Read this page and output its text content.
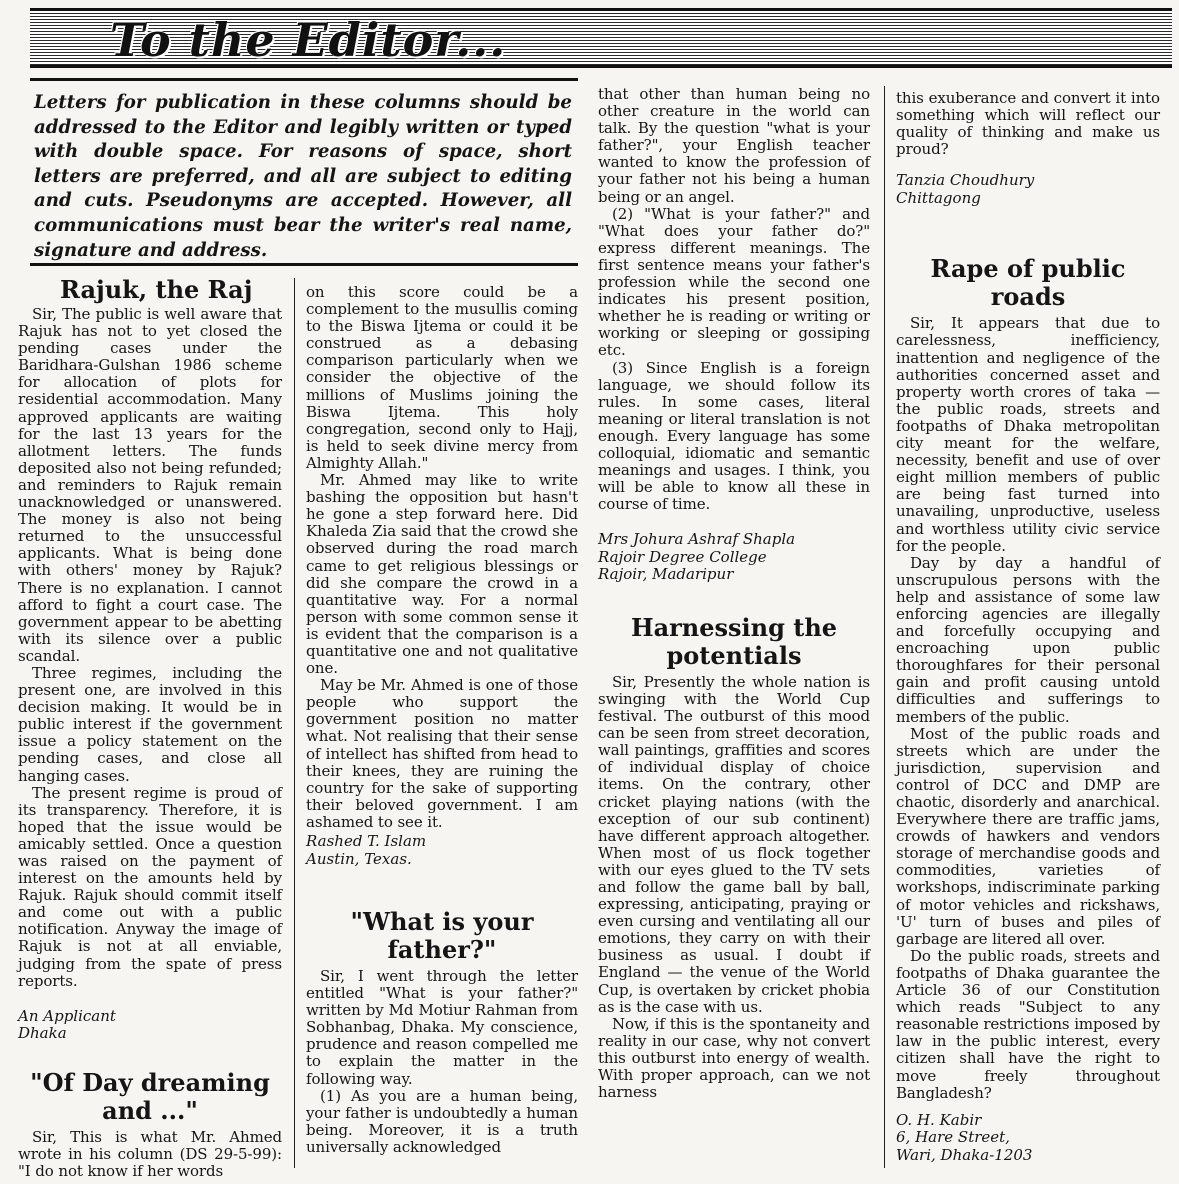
To the Editor...
Letters for publication in these columns should be addressed to the Editor and legibly written or typed with double space. For reasons of space, short letters are preferred, and all are subject to editing and cuts. Pseudonyms are accepted. However, all communications must bear the writer's real name, signature and address.
Rajuk, the Raj

Sir, The public is well aware that Rajuk has not to yet closed the pending cases under the Baridhara-Gulshan 1986 scheme for allocation of plots for residential accommodation. Many approved applicants are waiting for the last 13 years for the allotment letters. The funds deposited also not being refunded; and reminders to Rajuk remain unacknowledged or unanswered. The money is also not being returned to the unsuccessful applicants. What is being done with others' money by Rajuk? There is no explanation. I cannot afford to fight a court case. The government appear to be abetting with its silence over a public scandal.

Three regimes, including the present one, are involved in this decision making. It would be in public interest if the government issue a policy statement on the pending cases, and close all hanging cases.

The present regime is proud of its transparency. Therefore, it is hoped that the issue would be amicably settled. Once a question was raised on the payment of interest on the amounts held by Rajuk. Rajuk should commit itself and come out with a public notification. Anyway the image of Rajuk is not at all enviable, judging from the spate of press reports.

An Applicant
Dhaka
"Of Day dreaming and ..."

Sir, This is what Mr. Ahmed wrote in his column (DS 29-5-99): "I do not know if her words

on this score could be a complement to the musullis coming to the Biswa Ijtema or could it be construed as a debasing comparison particularly when we consider the objective of the millions of Muslims joining the Biswa Ijtema. This holy congregation, second only to Hajj, is held to seek divine mercy from Almighty Allah."

Mr. Ahmed may like to write bashing the opposition but hasn't he gone a step forward here. Did Khaleda Zia said that the crowd she observed during the road march came to get religious blessings or did she compare the crowd in a quantitative way. For a normal person with some common sense it is evident that the comparison is a quantitative one and not qualitative one.

May be Mr. Ahmed is one of those people who support the government position no matter what. Not realising that their sense of intellect has shifted from head to their knees, they are ruining the country for the sake of supporting their beloved government. I am ashamed to see it.

Rashed T. Islam
Austin, Texas.
"What is your father?"

Sir, I went through the letter entitled "What is your father?" written by Md Motiur Rahman from Sobhanbag, Dhaka. My conscience, prudence and reason compelled me to explain the matter in the following way.

(1) As you are a human being, your father is undoubtedly a human being. Moreover, it is a truth universally acknowledged

that other than human being no other creature in the world can talk. By the question "what is your father?", your English teacher wanted to know the profession of your father not his being a human being or an angel.

(2) "What is your father?" and "What does your father do?" express different meanings. The first sentence means your father's profession while the second one indicates his present position, whether he is reading or writing or working or sleeping or gossiping etc.

(3) Since English is a foreign language, we should follow its rules. In some cases, literal meaning or literal translation is not enough. Every language has some colloquial, idiomatic and semantic meanings and usages. I think, you will be able to know all these in course of time.

Mrs Johura Ashraf Shapla
Rajoir Degree College
Rajoir, Madaripur
Harnessing the potentials

Sir, Presently the whole nation is swinging with the World Cup festival. The outburst of this mood can be seen from street decoration, wall paintings, graffities and scores of individual display of choice items. On the contrary, other cricket playing nations (with the exception of our sub continent) have different approach altogether. When most of us flock together with our eyes glued to the TV sets and follow the game ball by ball, expressing, anticipating, praying or even cursing and ventilating all our emotions, they carry on with their business as usual. I doubt if England — the venue of the World Cup, is overtaken by cricket phobia as is the case with us.

Now, if this is the spontaneity and reality in our case, why not convert this outburst into energy of wealth. With proper approach, can we not harness

this exuberance and convert it into something which will reflect our quality of thinking and make us proud?

Tanzia Choudhury
Chittagong
Rape of public roads

Sir, It appears that due to carelessness, inefficiency, inattention and negligence of the authorities concerned asset and property worth crores of taka — the public roads, streets and footpaths of Dhaka metropolitan city meant for the welfare, necessity, benefit and use of over eight million members of public are being fast turned into unavailing, unproductive, useless and worthless utility civic service for the people.

Day by day a handful of unscrupulous persons with the help and assistance of some law enforcing agencies are illegally and forcefully occupying and encroaching upon public thoroughfares for their personal gain and profit causing untold difficulties and sufferings to members of the public.

Most of the public roads and streets which are under the jurisdiction, supervision and control of DCC and DMP are chaotic, disorderly and anarchical. Everywhere there are traffic jams, crowds of hawkers and vendors storage of merchandise goods and commodities, varieties of workshops, indiscriminate parking of motor vehicles and rickshaws, 'U' turn of buses and piles of garbage are litered all over.

Do the public roads, streets and footpaths of Dhaka guarantee the Article 36 of our Constitution which reads "Subject to any reasonable restrictions imposed by law in the public interest, every citizen shall have the right to move freely throughout Bangladesh?

O. H. Kabir
6, Hare Street,
Wari, Dhaka-1203
